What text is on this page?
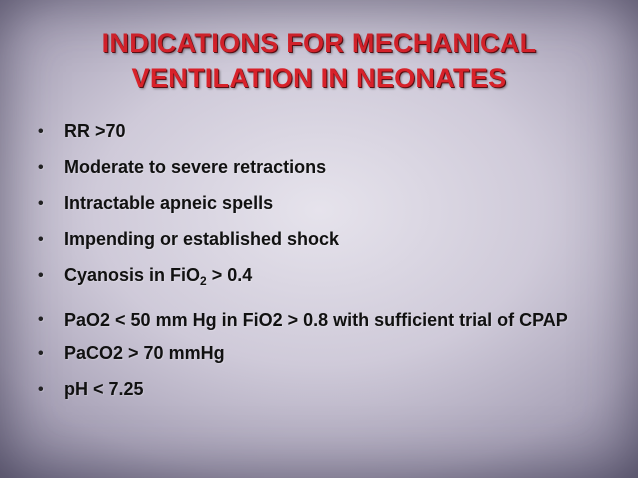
INDICATIONS FOR MECHANICAL
VENTILATION IN NEONATES
• RR >70
• Moderate to severe retractions
• Intractable apneic spells
• Impending or established shock
• Cyanosis in FiO$_2$ > 0.4
• PaO2 < 50 mm Hg in FiO2 > 0.8 with sufficient trial of CPAP
• PaCO2 > 70 mmHg
• pH < 7.25
